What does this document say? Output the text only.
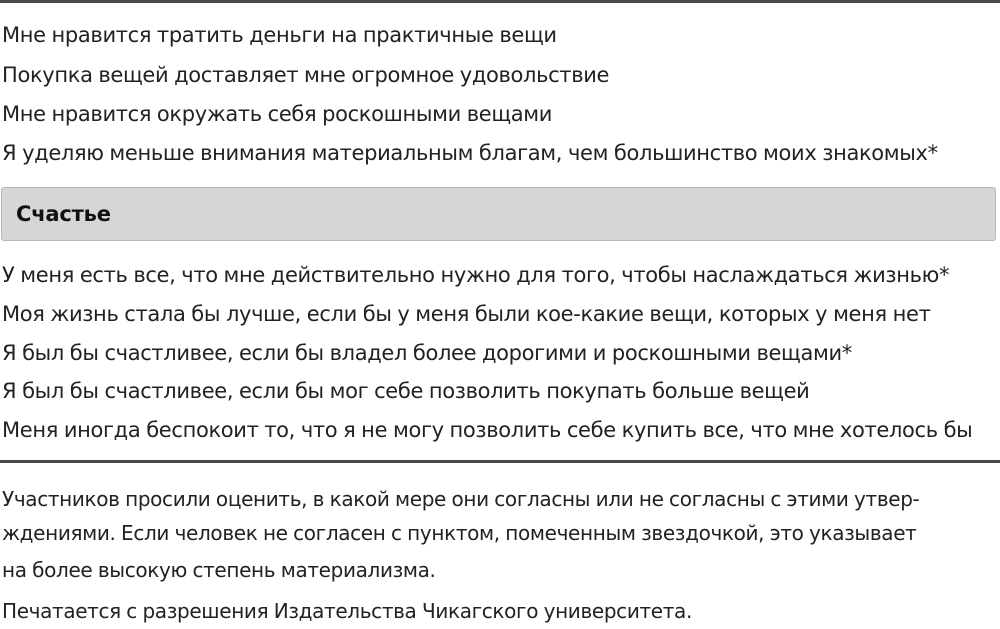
Мне нравится тратить деньги на практичные вещи
Покупка вещей доставляет мне огромное удовольствие
Мне нравится окружать себя роскошными вещами
Я уделяю меньше внимания материальным благам, чем большинство моих знакомых*
Счастье
У меня есть все, что мне действительно нужно для того, чтобы наслаждаться жизнью*
Моя жизнь стала бы лучше, если бы у меня были кое-какие вещи, которых у меня нет
Я был бы счастливее, если бы владел более дорогими и роскошными вещами*
Я был бы счастливее, если бы мог себе позволить покупать больше вещей
Меня иногда беспокоит то, что я не могу позволить себе купить все, что мне хотелось бы
Участников просили оценить, в какой мере они согласны или не согласны с этими утвер-
ждениями. Если человек не согласен с пунктом, помеченным звездочкой, это указывает
на более высокую степень материализма.
Печатается с разрешения Издательства Чикагского университета.
